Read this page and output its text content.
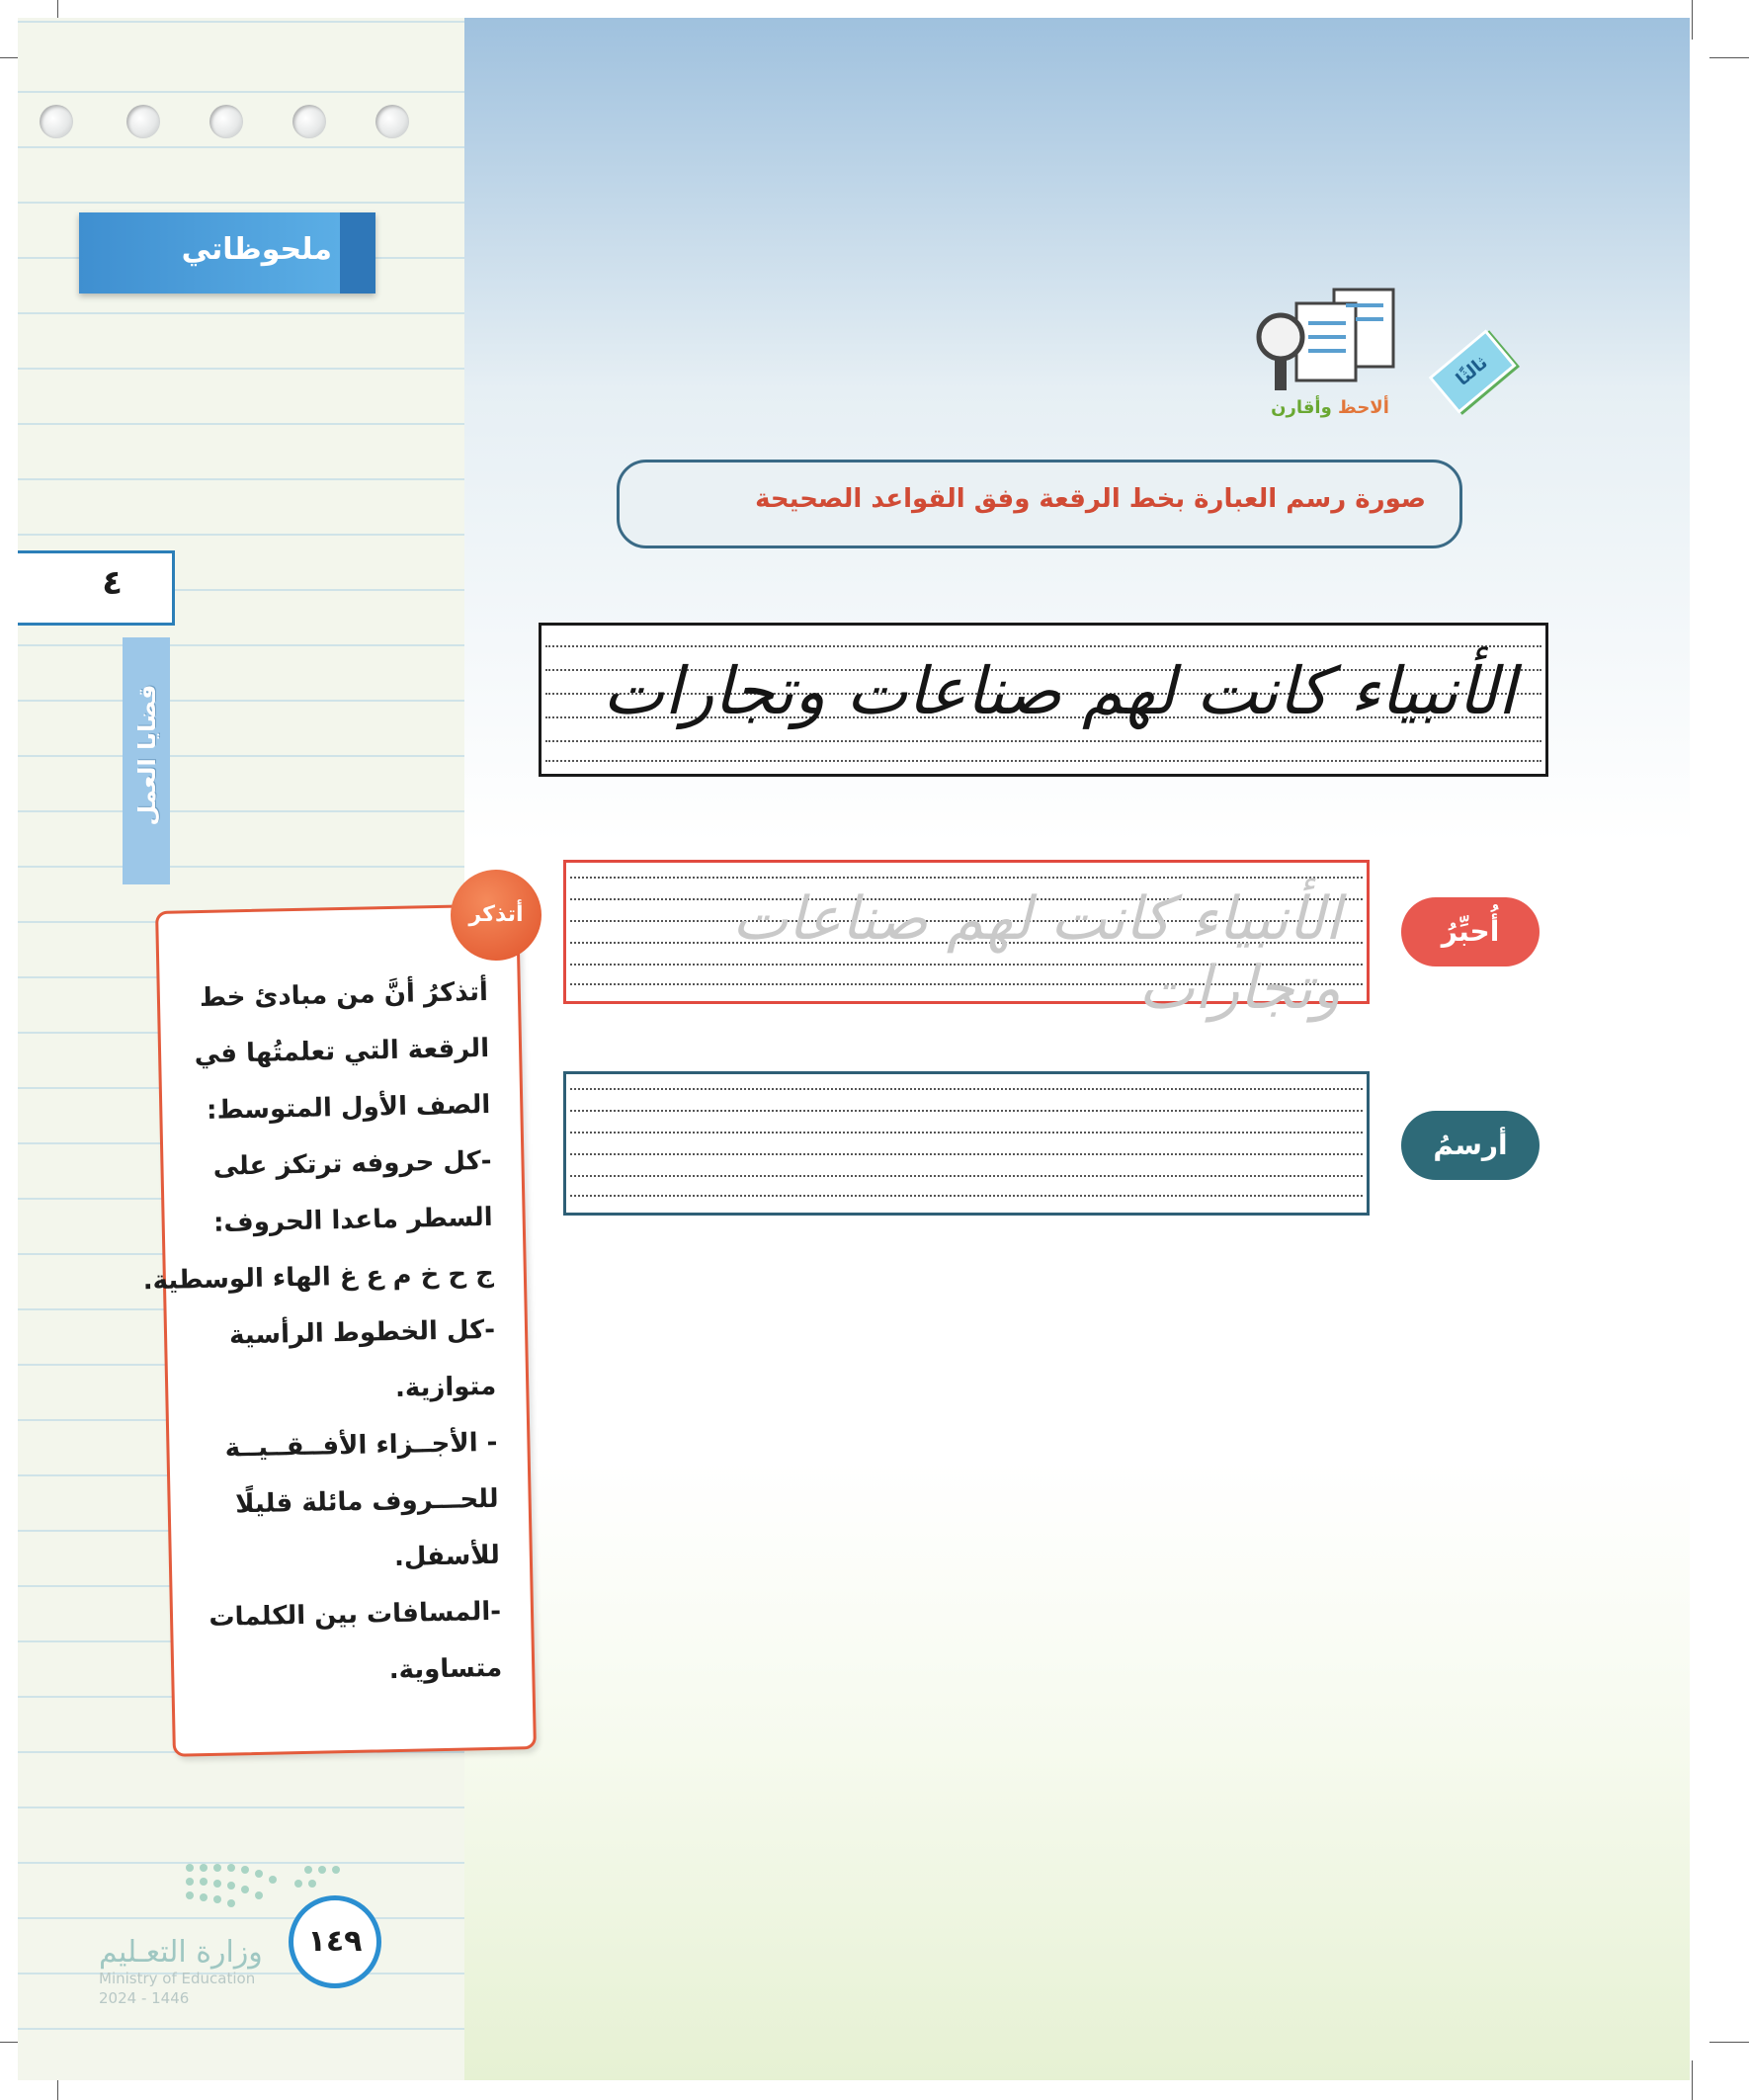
ملحوظاتي
٤
قضايا العمل
ثالثًا
ألاحظ وأقارن
صورة رسم العبارة بخط الرقعة وفق القواعد الصحيحة
الأنبياء كانت لهم صناعات وتجارات
أُحبِّرُ
الأنبياء كانت لهم صناعات وتجارات
أرسمُ
أتذكرُ أنَّ من مبادئ خط
الرقعة التي تعلمتُها في
الصف الأول المتوسط:
-كل حروفه ترتكز على
السطر ماعدا الحروف:
ج ح خ م ع غ الهاء الوسطية.
-كل الخطوط الرأسية
متوازية.
- الأجــزاء الأفــقــيــة
للحـــروف مائلة قليلًا
للأسفل.
-المسافات بين الكلمات
متساوية.
أتذكر
١٤٩
وزارة التعـليم
Ministry of Education
2024 - 1446
